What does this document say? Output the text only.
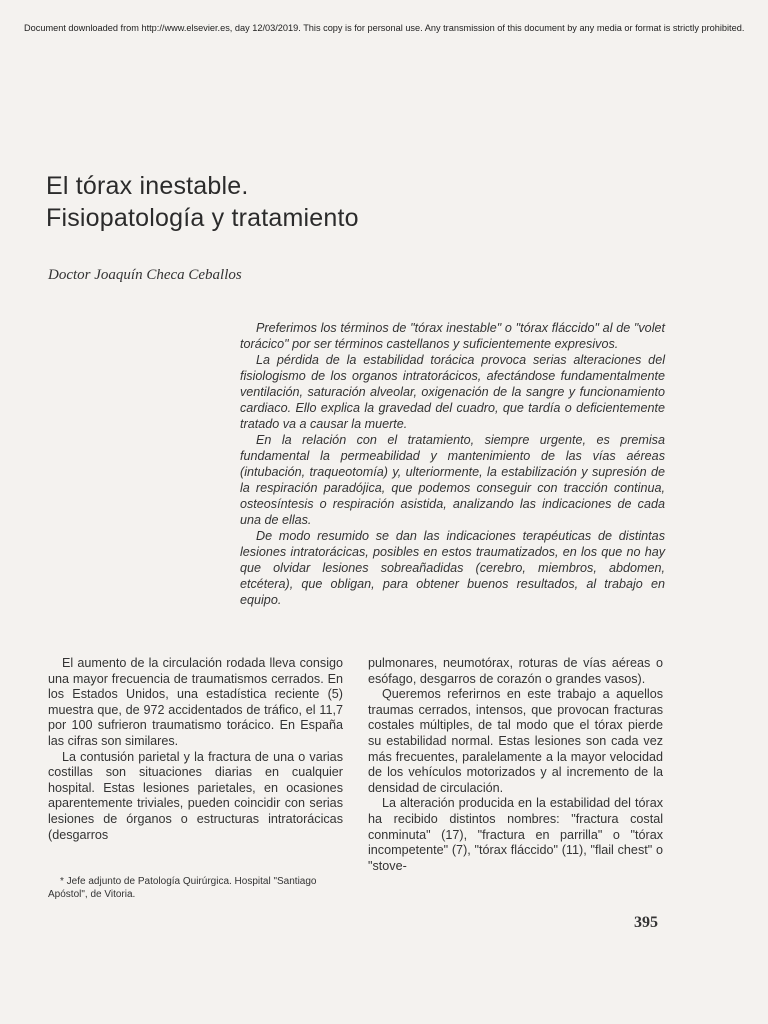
Document downloaded from http://www.elsevier.es, day 12/03/2019. This copy is for personal use. Any transmission of this document by any media or format is strictly prohibited.
El tórax inestable.
Fisiopatología y tratamiento

Doctor Joaquín Checa Ceballos

Preferimos los términos de "tórax inestable" o "tórax fláccido" al de "volet torácico" por ser términos castellanos y suficientemente expresivos.

La pérdida de la estabilidad torácica provoca serias alteraciones del fisiologismo de los organos intratorácicos, afectándose fundamentalmente ventilación, saturación alveolar, oxigenación de la sangre y funcionamiento cardiaco. Ello explica la gravedad del cuadro, que tardía o deficientemente tratado va a causar la muerte.

En la relación con el tratamiento, siempre urgente, es premisa fundamental la permeabilidad y mantenimiento de las vías aéreas (intubación, traqueotomía) y, ulteriormente, la estabilización y supresión de la respiración paradójica, que podemos conseguir con tracción continua, osteosíntesis o respiración asistida, analizando las indicaciones de cada una de ellas.

De modo resumido se dan las indicaciones terapéuticas de distintas lesiones intratorácicas, posibles en estos traumatizados, en los que no hay que olvidar lesiones sobreañadidas (cerebro, miembros, abdomen, etcétera), que obligan, para obtener buenos resultados, al trabajo en equipo.

El aumento de la circulación rodada lleva consigo una mayor frecuencia de traumatismos cerrados. En los Estados Unidos, una estadística reciente (5) muestra que, de 972 accidentados de tráfico, el 11,7 por 100 sufrieron traumatismo torácico. En España las cifras son similares.

La contusión parietal y la fractura de una o varias costillas son situaciones diarias en cualquier hospital. Estas lesiones parietales, en ocasiones aparentemente triviales, pueden coincidir con serias lesiones de órganos o estructuras intratorácicas (desgarros

pulmonares, neumotórax, roturas de vías aéreas o esófago, desgarros de corazón o grandes vasos).

Queremos referirnos en este trabajo a aquellos traumas cerrados, intensos, que provocan fracturas costales múltiples, de tal modo que el tórax pierde su estabilidad normal. Estas lesiones son cada vez más frecuentes, paralelamente a la mayor velocidad de los vehículos motorizados y al incremento de la densidad de circulación.

La alteración producida en la estabilidad del tórax ha recibido distintos nombres: "fractura costal conminuta" (17), "fractura en parrilla" o "tórax incompetente" (7), "tórax fláccido" (11), "flail chest" o "stove-

* Jefe adjunto de Patología Quirúrgica. Hospital "Santiago Apóstol", de Vitoria.

395
